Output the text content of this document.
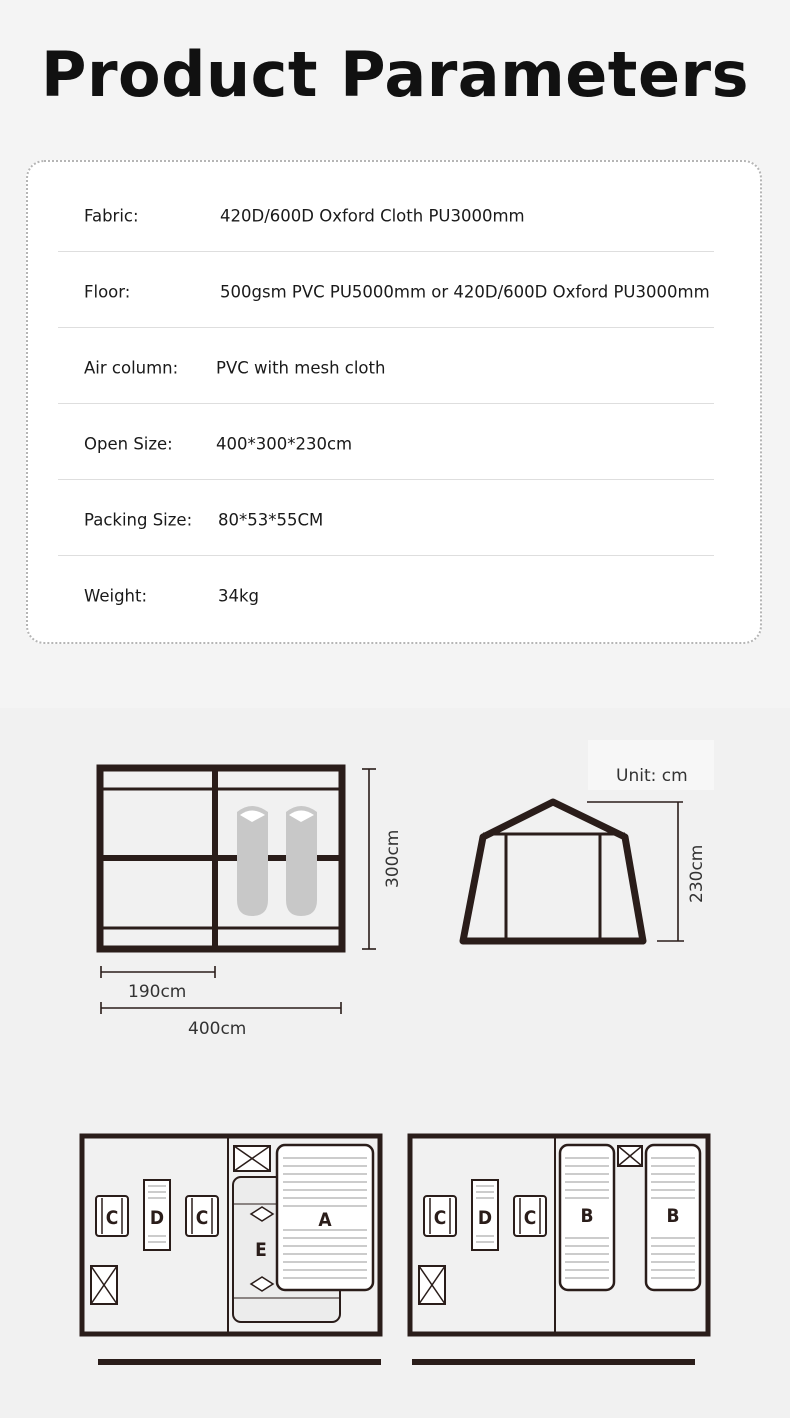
Product Parameters
Fabric:	420D/600D Oxford Cloth PU3000mm
Floor:	500gsm PVC PU5000mm or 420D/600D Oxford PU3000mm
Air column: PVC with mesh cloth
Open Size:	400*300*230cm
Packing Size: 80*53*55CM
Weight:	34kg
Unit: cm
C D C	A
E
C D C B	B
300cm
190cm
400cm
230cm
